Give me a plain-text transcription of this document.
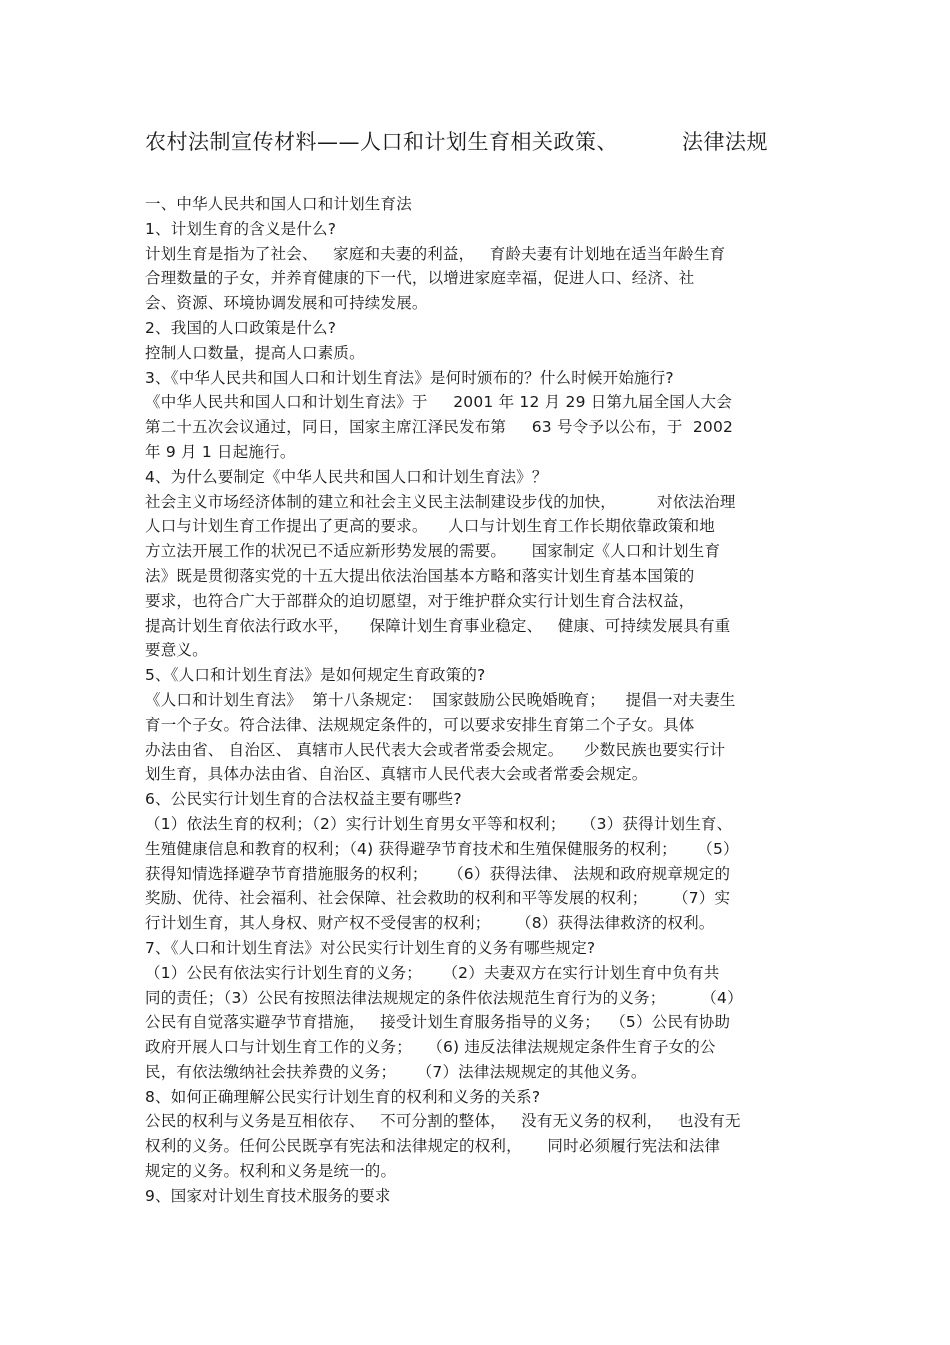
农村法制宣传材料——人口和计划生育相关政策、	法律法规
一、中华人民共和国人口和计划生育法
1、计划生育的含义是什么?
计划生育是指为了社会、   家庭和夫妻的利益，   育龄夫妻有计划地在适当年龄生育
合理数量的子女，并养育健康的下一代，以增进家庭幸福，促进人口、经济、社
会、资源、环境协调发展和可持续发展。
2、我国的人口政策是什么?
控制人口数量，提高人口素质。
3、《中华人民共和国人口和计划生育法》是何时颁布的？什么时候开始施行?
《中华人民共和国人口和计划生育法》于     2001 年 12 月 29 日第九届全国人大会
第二十五次会议通过，同日，国家主席江泽民发布第     63 号令予以公布，于  2002
年 9 月 1 日起施行。
4、为什么要制定《中华人民共和国人口和计划生育法》？
社会主义市场经济体制的建立和社会主义民主法制建设步伐的加快，        对依法治理
人口与计划生育工作提出了更高的要求。    人口与计划生育工作长期依靠政策和地
方立法开展工作的状况已不适应新形势发展的需要。     国家制定《人口和计划生育
法》既是贯彻落实党的十五大提出依法治国基本方略和落实计划生育基本国策的
要求，也符合广大于部群众的迫切愿望，对于维护群众实行计划生育合法权益，
提高计划生育依法行政水平，    保障计划生育事业稳定、   健康、可持续发展具有重
要意义。
5、《人口和计划生育法》是如何规定生育政策的?
《人口和计划生育法》  第十八条规定：  国家鼓励公民晚婚晚育；    提倡一对夫妻生
育一个子女。符合法律、法规规定条件的，可以要求安排生育第二个子女。具体
办法由省、 自治区、 真辖市人民代表大会或者常委会规定。    少数民族也要实行计
划生育，具体办法由省、自治区、真辖市人民代表大会或者常委会规定。
6、公民实行计划生育的合法权益主要有哪些?
（1）依法生育的权利；（2）实行计划生育男女平等和权利；   （3）获得计划生育、
生殖健康信息和教育的权利；（4) 获得避孕节育技术和生殖保健服务的权利；    （5）
获得知情选择避孕节育措施服务的权利；    （6）获得法律、 法规和政府规章规定的
奖励、优待、社会福利、社会保障、社会救助的权利和平等发展的权利；     （7）实
行计划生育，其人身权、财产权不受侵害的权利；     （8）获得法律救济的权利。
7、《人口和计划生育法》对公民实行计划生育的义务有哪些规定?
（1）公民有依法实行计划生育的义务；    （2）夫妻双方在实行计划生育中负有共
同的责任；（3）公民有按照法律法规规定的条件依法规范生育行为的义务；       （4）
公民有自觉落实避孕节育措施，   接受计划生育服务指导的义务；  （5）公民有协助
政府开展人口与计划生育工作的义务；   （6) 违反法律法规规定条件生育子女的公
民，有依法缴纳社会扶养费的义务；    （7）法律法规规定的其他义务。
8、如何正确理解公民实行计划生育的权利和义务的关系?
公民的权利与义务是互相依存、   不可分割的整体，   没有无义务的权利，   也没有无
权利的义务。任何公民既享有宪法和法律规定的权利，     同时必须履行宪法和法律
规定的义务。权利和义务是统一的。
9、国家对计划生育技术服务的要求
